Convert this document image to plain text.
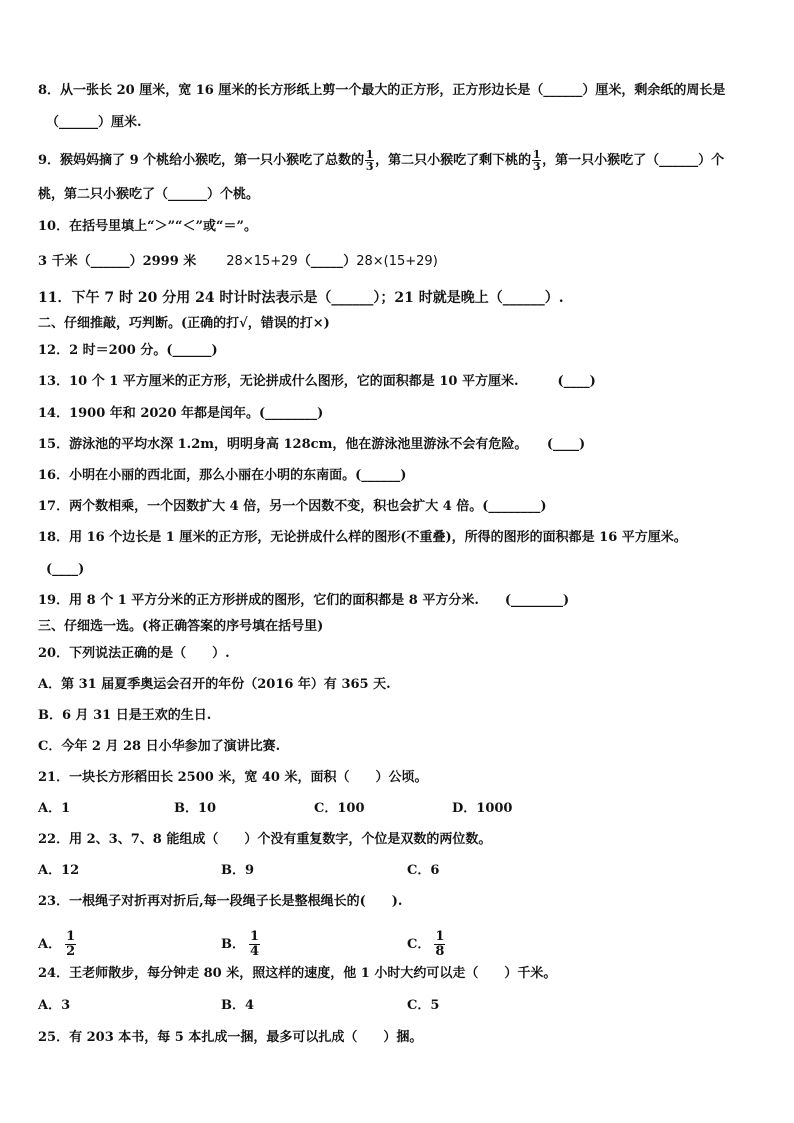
8．从一张长 20 厘米，宽 16 厘米的长方形纸上剪一个最大的正方形，正方形边长是（______）厘米，剩余纸的周长是
（______）厘米.
9．猴妈妈摘了 9 个桃给小猴吃，第一只小猴吃了总数的 $\frac{1}{3}$ ，第二只小猴吃了剩下桃的 $\frac{1}{3}$ ，第一只小猴吃了（______）个
桃，第二只小猴吃了（______）个桃。
10．在括号里填上“＞”“＜”或“＝”。
3 千米（______）2999 米 28×15+29（_____）28×(15+29)
11．下午 7 时 20 分用 24 时计时法表示是（______）；21 时就是晚上（______）.
二、仔细推敲，巧判断。(正确的打√，错误的打×)
12．2 时＝200 分。(______)
13．10 个 1 平方厘米的正方形，无论拼成什么图形，它的面积都是 10 平方厘米.　　　(____)
14．1900 年和 2020 年都是闰年。(________)
15．游泳池的平均水深 1.2m，明明身高 128cm，他在游泳池里游泳不会有危险。　　(____)
16．小明在小丽的西北面，那么小丽在小明的东南面。(______)
17．两个数相乘，一个因数扩大 4 倍，另一个因数不变，积也会扩大 4 倍。(________)
18．用 16 个边长是 1 厘米的正方形，无论拼成什么样的图形(不重叠)，所得的图形的面积都是 16 平方厘米。
(____)
19．用 8 个 1 平方分米的正方形拼成的图形，它们的面积都是 8 平方分米.　　(________)
三、仔细选一选。(将正确答案的序号填在括号里)
20．下列说法正确的是（　　）.
A．第 31 届夏季奥运会召开的年份（2016 年）有 365 天.
B．6 月 31 日是王欢的生日.
C．今年 2 月 28 日小华参加了演讲比赛.
21．一块长方形稻田长 2500 米，宽 40 米，面积（　　）公顷。
A．1	B．10	C．100	D．1000
22．用 2、3、7、8 能组成（　　）个没有重复数字，个位是双数的两位数。
A．12	B．9	C．6
23．一根绳子对折再对折后,每一段绳子长是整根绳长的(　　).
A． $\frac{1}{2}$	B． $\frac{1}{4}$	C． $\frac{1}{8}$
24．王老师散步，每分钟走 80 米，照这样的速度，他 1 小时大约可以走（　　）千米。
A．3	B．4	C．5
25．有 203 本书，每 5 本扎成一捆，最多可以扎成（　　）捆。
